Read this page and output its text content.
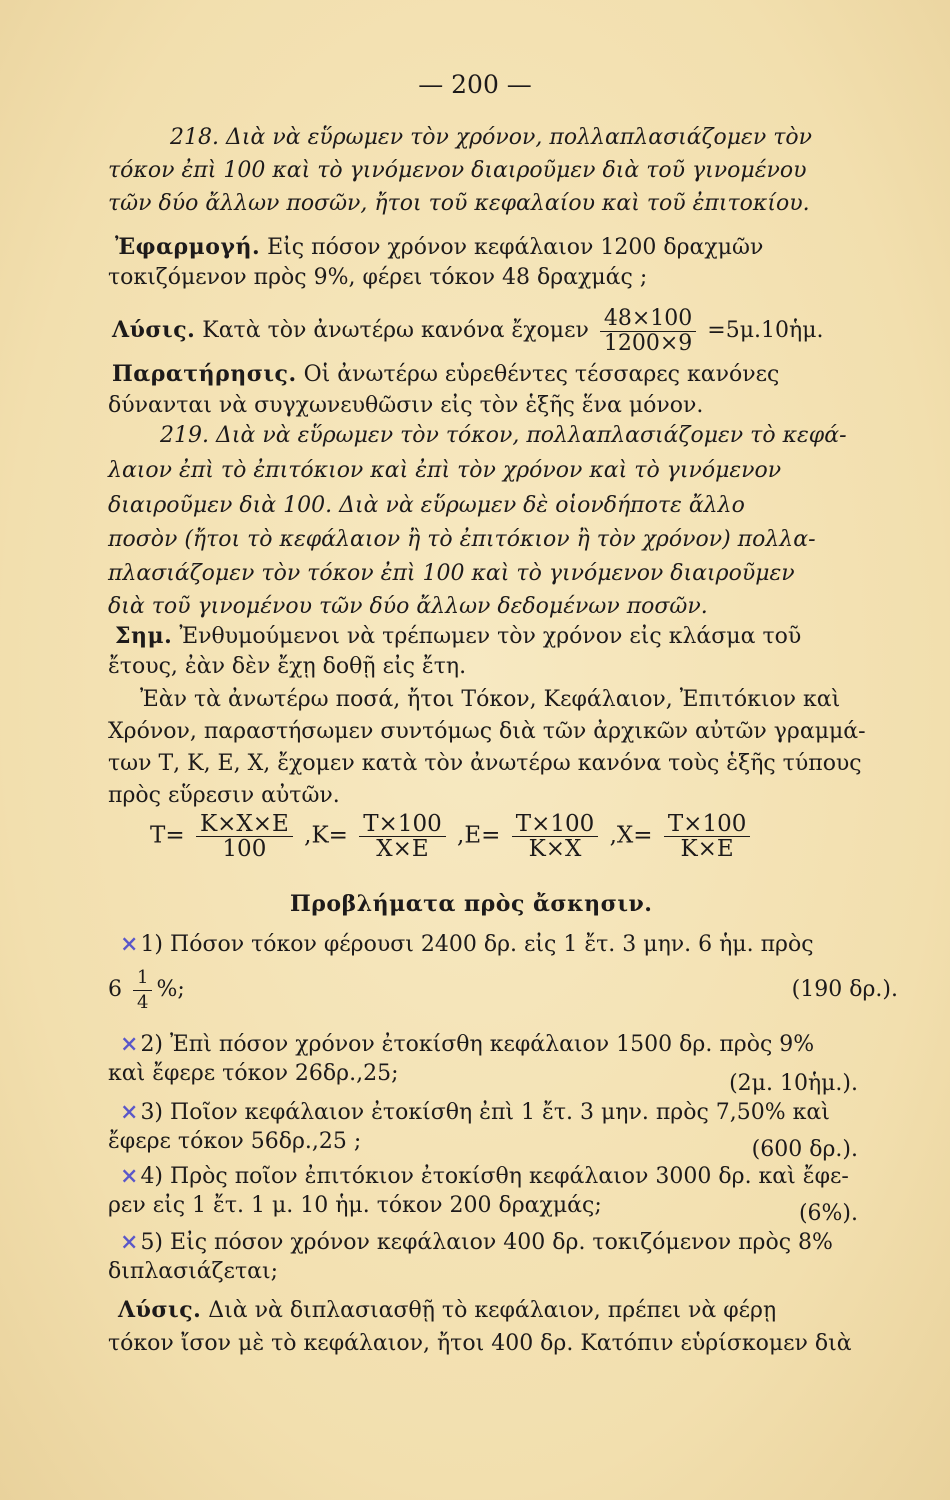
— 200 —
218. Διὰ νὰ εὕρωμεν τὸν χρόνον, πολλαπλασιάζομεν τὸν
τόκον ἐπὶ 100 καὶ τὸ γινόμενον διαιροῦμεν διὰ τοῦ γινομένου
τῶν δύο ἄλλων ποσῶν, ἤτοι τοῦ κεφαλαίου καὶ τοῦ ἐπιτοκίου.
Ἐφαρμογή. Εἰς πόσον χρόνον κεφάλαιον 1200 δραχμῶν
τοκιζόμενον πρὸς 9%, φέρει τόκον 48 δραχμάς ;
Λύσις. Κατὰ τὸν ἀνωτέρω κανόνα ἔχομεν $\frac{48\times 100}{1200\times 9}$ =5μ.10ἡμ.
Παρατήρησις. Οἱ ἀνωτέρω εὑρεθέντες τέσσαρες κανόνες
δύνανται νὰ συγχωνευθῶσιν εἰς τὸν ἑξῆς ἕνα μόνον.
219. Διὰ νὰ εὕρωμεν τὸν τόκον, πολλαπλασιάζομεν τὸ κεφά-
λαιον ἐπὶ τὸ ἐπιτόκιον καὶ ἐπὶ τὸν χρόνον καὶ τὸ γινόμενον
διαιροῦμεν διὰ 100. Διὰ νὰ εὕρωμεν δὲ οἱονδήποτε ἄλλο
ποσὸν (ἤτοι τὸ κεφάλαιον ἢ τὸ ἐπιτόκιον ἢ τὸν χρόνον) πολλα-
πλασιάζομεν τὸν τόκον ἐπὶ 100 καὶ τὸ γινόμενον διαιροῦμεν
διὰ τοῦ γινομένου τῶν δύο ἄλλων δεδομένων ποσῶν.
Σημ. Ἐνθυμούμενοι νὰ τρέπωμεν τὸν χρόνον εἰς κλάσμα τοῦ
ἔτους, ἐὰν δὲν ἔχῃ δοθῇ εἰς ἔτη.
Ἐὰν τὰ ἀνωτέρω ποσά, ἤτοι Τόκον, Κεφάλαιον, Ἐπιτόκιον καὶ
Χρόνον, παραστήσωμεν συντόμως διὰ τῶν ἀρχικῶν αὐτῶν γραμμά-
των Τ, Κ, Ε, Χ, ἔχομεν κατὰ τὸν ἀνωτέρω κανόνα τοὺς ἑξῆς τύπους
πρὸς εὕρεσιν αὐτῶν.
$T= \frac{K\times X\times E}{100} ,K= \frac{T\times 100}{X\times E} ,E= \frac{T\times 100}{K\times X} ,X= \frac{T\times 100}{K\times E}$
Προβλήματα πρὸς ἄσκησιν.
×1) Πόσον τόκον φέρουσι 2400 δρ. εἰς 1 ἔτ. 3 μην. 6 ἡμ. πρὸς
$6 \frac{1}{4}$ %;	(190 δρ.).
×2) Ἐπὶ πόσον χρόνον ἐτοκίσθη κεφάλαιον 1500 δρ. πρὸς 9%
καὶ ἔφερε τόκον 26δρ.,25;	(2μ. 10ἡμ.).
×3) Ποῖον κεφάλαιον ἐτοκίσθη ἐπὶ 1 ἔτ. 3 μην. πρὸς 7,50% καὶ
ἔφερε τόκον 56δρ.,25 ;	(600 δρ.).
×4) Πρὸς ποῖον ἐπιτόκιον ἐτοκίσθη κεφάλαιον 3000 δρ. καὶ ἔφε-
ρεν εἰς 1 ἔτ. 1 μ. 10 ἡμ. τόκον 200 δραχμάς;	(6%).
×5) Εἰς πόσον χρόνον κεφάλαιον 400 δρ. τοκιζόμενον πρὸς 8%
διπλασιάζεται;
Λύσις. Διὰ νὰ διπλασιασθῇ τὸ κεφάλαιον, πρέπει νὰ φέρῃ
τόκον ἴσον μὲ τὸ κεφάλαιον, ἤτοι 400 δρ. Κατόπιν εὑρίσκομεν διὰ
